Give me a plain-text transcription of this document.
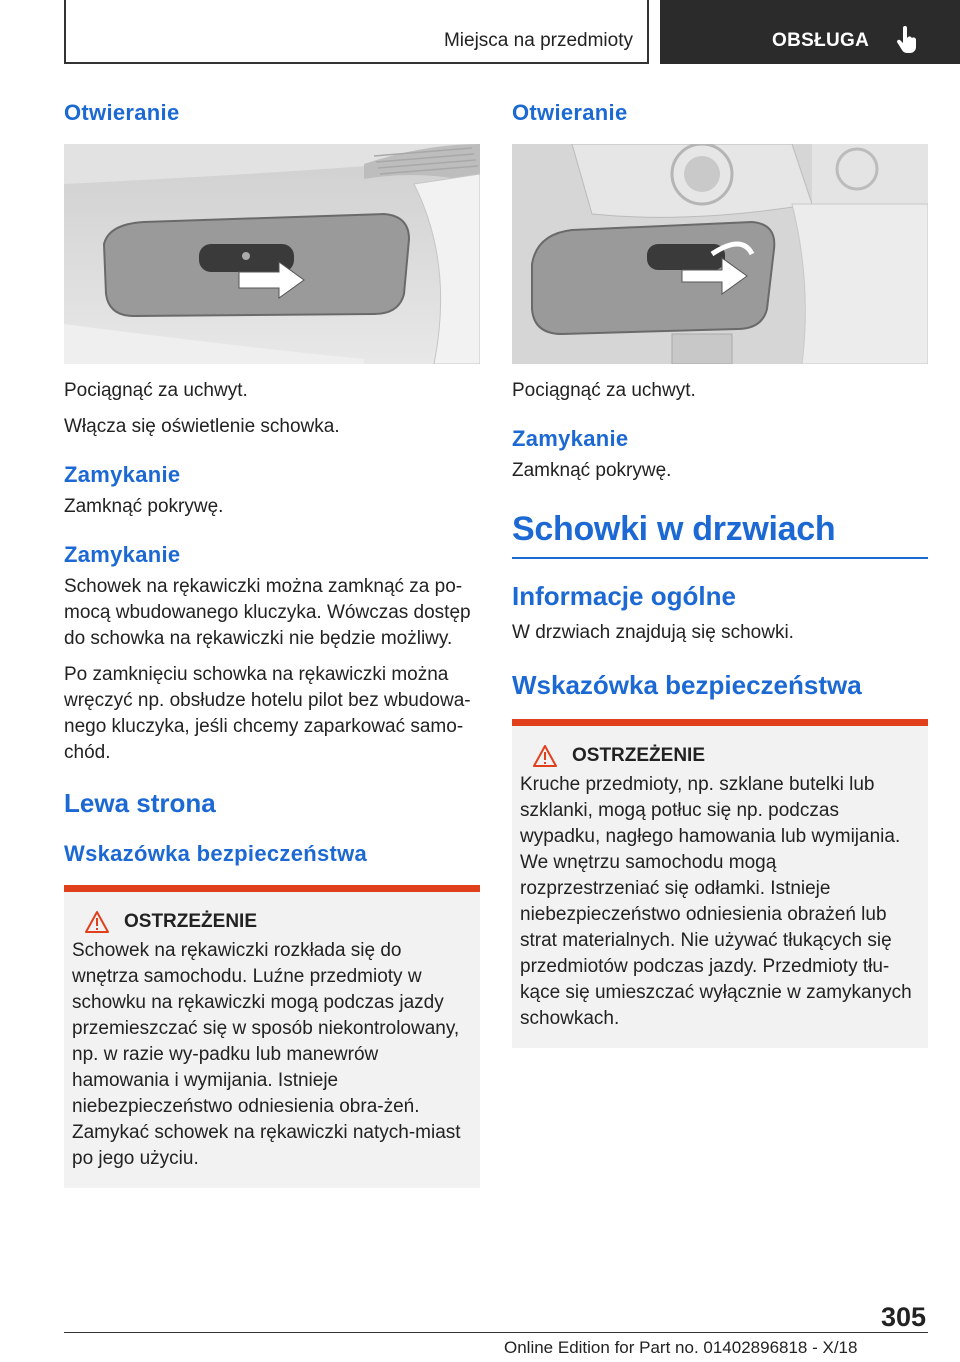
Miejsca na przedmioty	OBSŁUGA
Otwieranie

Pociągnąć za uchwyt.

Włącza się oświetlenie schowka.

Zamykanie

Zamknąć pokrywę.

Zamykanie

Schowek na rękawiczki można zamknąć za po-mocą wbudowanego kluczyka. Wówczas dostęp do schowka na rękawiczki nie będzie możliwy.

Po zamknięciu schowka na rękawiczki można wręczyć np. obsłudze hotelu pilot bez wbudowa-nego kluczyka, jeśli chcemy zaparkować samo-chód.

Lewa strona
Wskazówka bezpieczeństwa
OSTRZEŻENIE

Schowek na rękawiczki rozkłada się do wnętrza samochodu. Luźne przedmioty w schowku na rękawiczki mogą podczas jazdy przemieszczać się w sposób niekontrolowany, np. w razie wy-padku lub manewrów hamowania i wymijania. Istnieje niebezpieczeństwo odniesienia obra-żeń. Zamykać schowek na rękawiczki natych-miast po jego użyciu.

Otwieranie

Pociągnąć za uchwyt.

Zamykanie

Zamknąć pokrywę.

Schowki w drzwiach
Informacje ogólne

W drzwiach znajdują się schowki.

Wskazówka bezpieczeństwa
OSTRZEŻENIE

Kruche przedmioty, np. szklane butelki lub szklanki, mogą potłuc się np. podczas wypadku, nagłego hamowania lub wymijania. We wnętrzu samochodu mogą rozprzestrzeniać się odłamki. Istnieje niebezpieczeństwo odniesienia obrażeń lub strat materialnych. Nie używać tłukących się przedmiotów podczas jazdy. Przedmioty tłu-kące się umieszczać wyłącznie w zamykanych schowkach.

305
Online Edition for Part no. 01402896818 - X/18
